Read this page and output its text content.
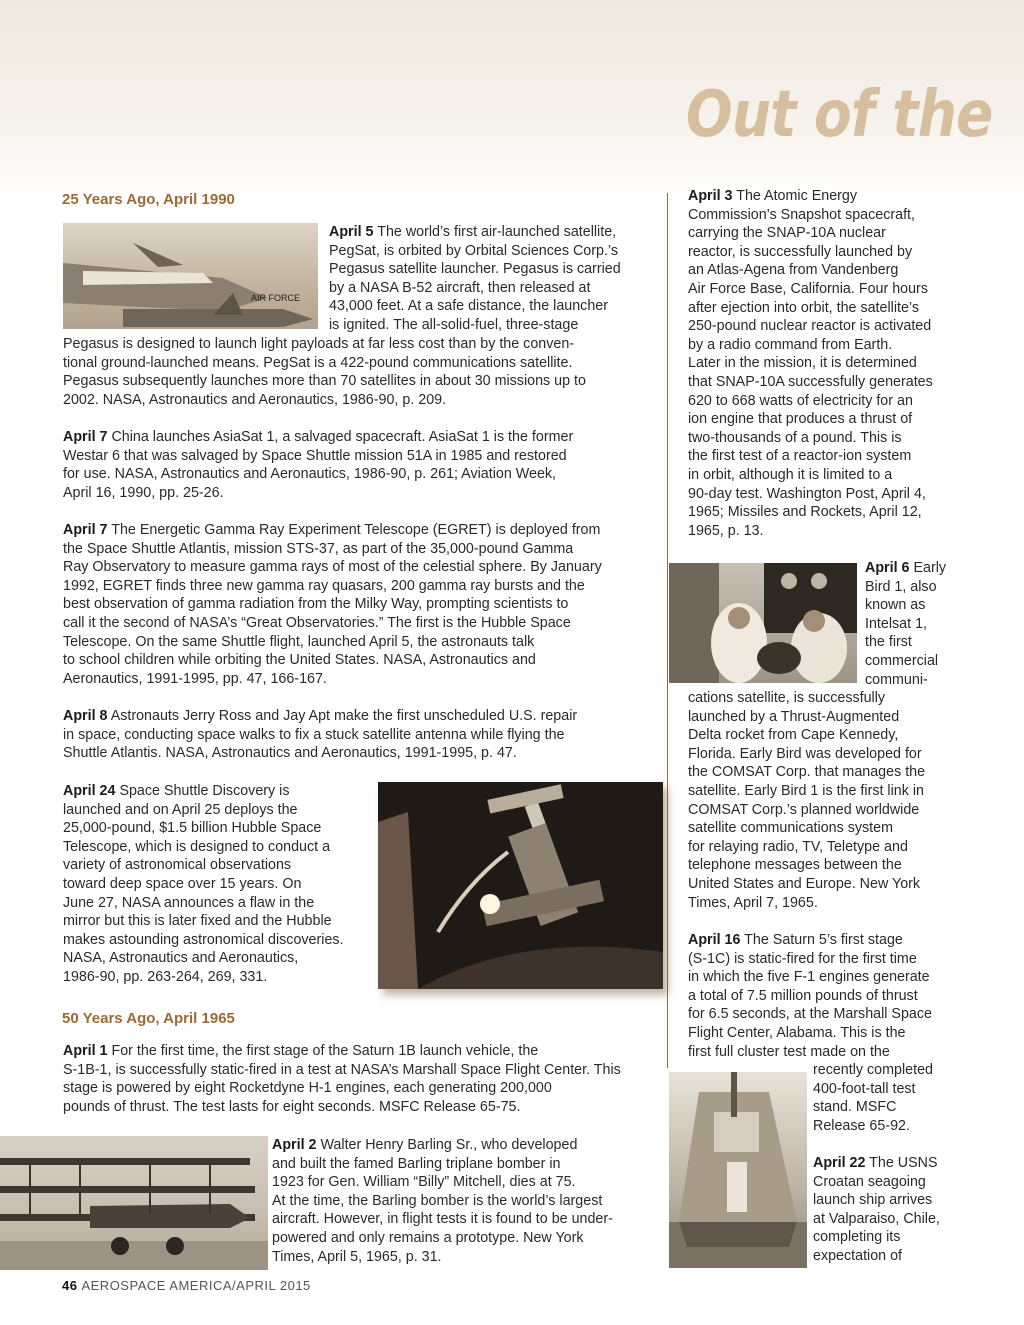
Out of the
25 Years Ago, April 1990
50 Years Ago, April 1965
AIR FORCE
April 5 The world’s first air-launched satellite,
PegSat, is orbited by Orbital Sciences Corp.’s
Pegasus satellite launcher. Pegasus is carried
by a NASA B-52 aircraft, then released at
43,000 feet. At a safe distance, the launcher
is ignited. The all-solid-fuel, three-stage
Pegasus is designed to launch light payloads at far less cost than by the conven-
tional ground-launched means. PegSat is a 422-pound communications satellite.
Pegasus subsequently launches more than 70 satellites in about 30 missions up to
2002. NASA, Astronautics and Aeronautics, 1986-90, p. 209.
April 7 China launches AsiaSat 1, a salvaged spacecraft. AsiaSat 1 is the former
Westar 6 that was salvaged by Space Shuttle mission 51A in 1985 and restored
for use. NASA, Astronautics and Aeronautics, 1986-90, p. 261; Aviation Week,
April 16, 1990, pp. 25-26.
April 7 The Energetic Gamma Ray Experiment Telescope (EGRET) is deployed from
the Space Shuttle Atlantis, mission STS-37, as part of the 35,000-pound Gamma
Ray Observatory to measure gamma rays of most of the celestial sphere. By January
1992, EGRET finds three new gamma ray quasars, 200 gamma ray bursts and the
best observation of gamma radiation from the Milky Way, prompting scientists to
call it the second of NASA’s “Great Observatories.” The first is the Hubble Space
Telescope. On the same Shuttle flight, launched April 5, the astronauts talk
to school children while orbiting the United States. NASA, Astronautics and
Aeronautics, 1991-1995, pp. 47, 166-167.
April 8 Astronauts Jerry Ross and Jay Apt make the first unscheduled U.S. repair
in space, conducting space walks to fix a stuck satellite antenna while flying the
Shuttle Atlantis. NASA, Astronautics and Aeronautics, 1991-1995, p. 47.
April 24 Space Shuttle Discovery is
launched and on April 25 deploys the
25,000-pound, $1.5 billion Hubble Space
Telescope, which is designed to conduct a
variety of astronomical observations
toward deep space over 15 years. On
June 27, NASA announces a flaw in the
mirror but this is later fixed and the Hubble
makes astounding astronomical discoveries.
NASA, Astronautics and Aeronautics,
1986-90, pp. 263-264, 269, 331.
April 1 For the first time, the first stage of the Saturn 1B launch vehicle, the
S-1B-1, is successfully static-fired in a test at NASA’s Marshall Space Flight Center. This
stage is powered by eight Rocketdyne H-1 engines, each generating 200,000
pounds of thrust. The test lasts for eight seconds. MSFC Release 65-75.
April 2 Walter Henry Barling Sr., who developed
and built the famed Barling triplane bomber in
1923 for Gen. William “Billy” Mitchell, dies at 75.
At the time, the Barling bomber is the world’s largest
aircraft. However, in flight tests it is found to be under-
powered and only remains a prototype. New York
Times, April 5, 1965, p. 31.
April 3 The Atomic Energy
Commission’s Snapshot spacecraft,
carrying the SNAP-10A nuclear
reactor, is successfully launched by
an Atlas-Agena from Vandenberg
Air Force Base, California. Four hours
after ejection into orbit, the satellite’s
250-pound nuclear reactor is activated
by a radio command from Earth.
Later in the mission, it is determined
that SNAP-10A successfully generates
620 to 668 watts of electricity for an
ion engine that produces a thrust of
two-thousands of a pound. This is
the first test of a reactor-ion system
in orbit, although it is limited to a
90-day test. Washington Post, April 4,
1965; Missiles and Rockets, April 12,
1965, p. 13.
April 6 Early
Bird 1, also
known as
Intelsat 1,
the first
commercial
communi-
cations satellite, is successfully
launched by a Thrust-Augmented
Delta rocket from Cape Kennedy,
Florida. Early Bird was developed for
the COMSAT Corp. that manages the
satellite. Early Bird 1 is the first link in
COMSAT Corp.’s planned worldwide
satellite communications system
for relaying radio, TV, Teletype and
telephone messages between the
United States and Europe. New York
Times, April 7, 1965.
April 16 The Saturn 5’s first stage
(S-1C) is static-fired for the first time
in which the five F-1 engines generate
a total of 7.5 million pounds of thrust
for 6.5 seconds, at the Marshall Space
Flight Center, Alabama. This is the
first full cluster test made on the
recently completed
400-foot-tall test
stand. MSFC
Release 65-92.
April 22 The USNS
Croatan seagoing
launch ship arrives
at Valparaiso, Chile,
completing its
expectation of
46 AEROSPACE AMERICA/APRIL 2015
